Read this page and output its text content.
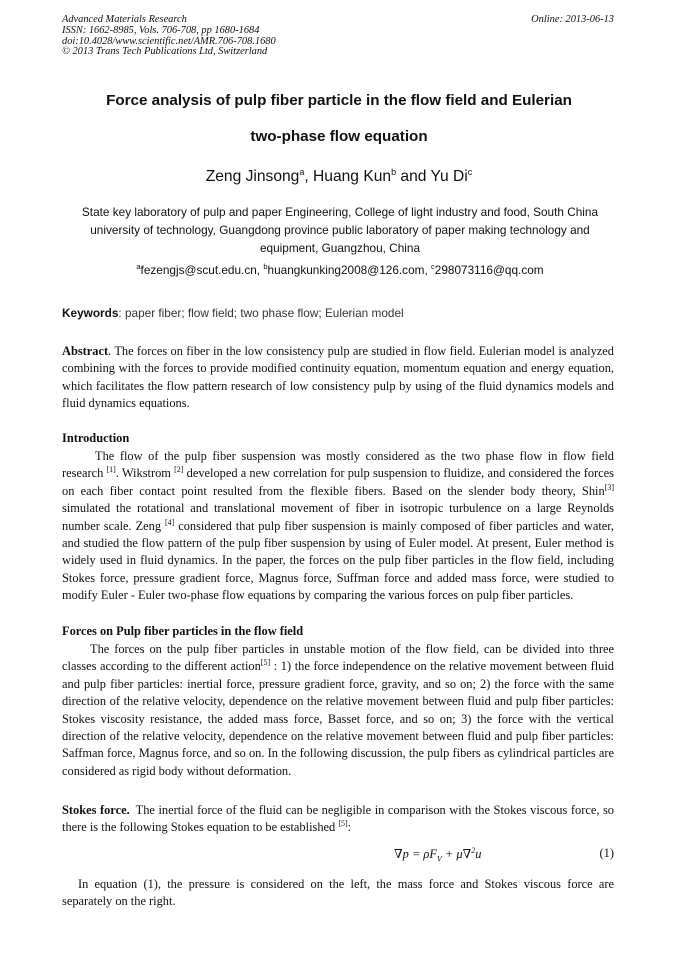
Advanced Materials Research
ISSN: 1662-8985, Vols. 706-708, pp 1680-1684
doi:10.4028/www.scientific.net/AMR.706-708.1680
© 2013 Trans Tech Publications Ltd, Switzerland
Online: 2013-06-13
Force analysis of pulp fiber particle in the flow field and Eulerian
two-phase flow equation
Zeng Jinsong$^a$, Huang Kun$^b$ and Yu Di$^c$
State key laboratory of pulp and paper Engineering, College of light industry and food, South China university of technology, Guangdong province public laboratory of paper making technology and equipment, Guangzhou, China
$^a$fezengjs@scut.edu.cn, $^b$huangkunking2008@126.com, $^c$298073116@qq.com
Keywords: paper fiber; flow field; two phase flow; Eulerian model
Abstract. The forces on fiber in the low consistency pulp are studied in flow field. Eulerian model is analyzed combining with the forces to provide modified continuity equation, momentum equation and energy equation, which facilitates the flow pattern research of low consistency pulp by using of the fluid dynamics models and fluid dynamics equations.
Introduction
The flow of the pulp fiber suspension was mostly considered as the two phase flow in flow field research [1]. Wikstrom [2] developed a new correlation for pulp suspension to fluidize, and considered the forces on each fiber contact point resulted from the flexible fibers. Based on the slender body theory, Shin[3] simulated the rotational and translational movement of fiber in isotropic turbulence on a large Reynolds number scale. Zeng [4] considered that pulp fiber suspension is mainly composed of fiber particles and water, and studied the flow pattern of the pulp fiber suspension by using of Euler model. At present, Euler method is widely used in fluid dynamics. In the paper, the forces on the pulp fiber particles in the flow field, including Stokes force, pressure gradient force, Magnus force, Suffman force and added mass force, were studied to modify Euler - Euler two-phase flow equations by comparing the various forces on pulp fiber particles.
Forces on Pulp fiber particles in the flow field
The forces on the pulp fiber particles in unstable motion of the flow field, can be divided into three classes according to the different action[5] : 1) the force independence on the relative movement between fluid and pulp fiber particles: inertial force, pressure gradient force, gravity, and so on; 2) the force with the same direction of the relative velocity, dependence on the relative movement between fluid and pulp fiber particles: Stokes viscosity resistance, the added mass force, Basset force, and so on; 3) the force with the vertical direction of the relative velocity, dependence on the relative movement between fluid and pulp fiber particles: Saffman force, Magnus force, and so on. In the following discussion, the pulp fibers as cylindrical particles are considered as rigid body without deformation.
Stokes force. The inertial force of the fluid can be negligible in comparison with the Stokes viscous force, so there is the following Stokes equation to be established [5]:
$\nabla p = \rho F_V + \mu\nabla^2u$	(1)
In equation (1), the pressure is considered on the left, the mass force and Stokes viscous force are separately on the right.
